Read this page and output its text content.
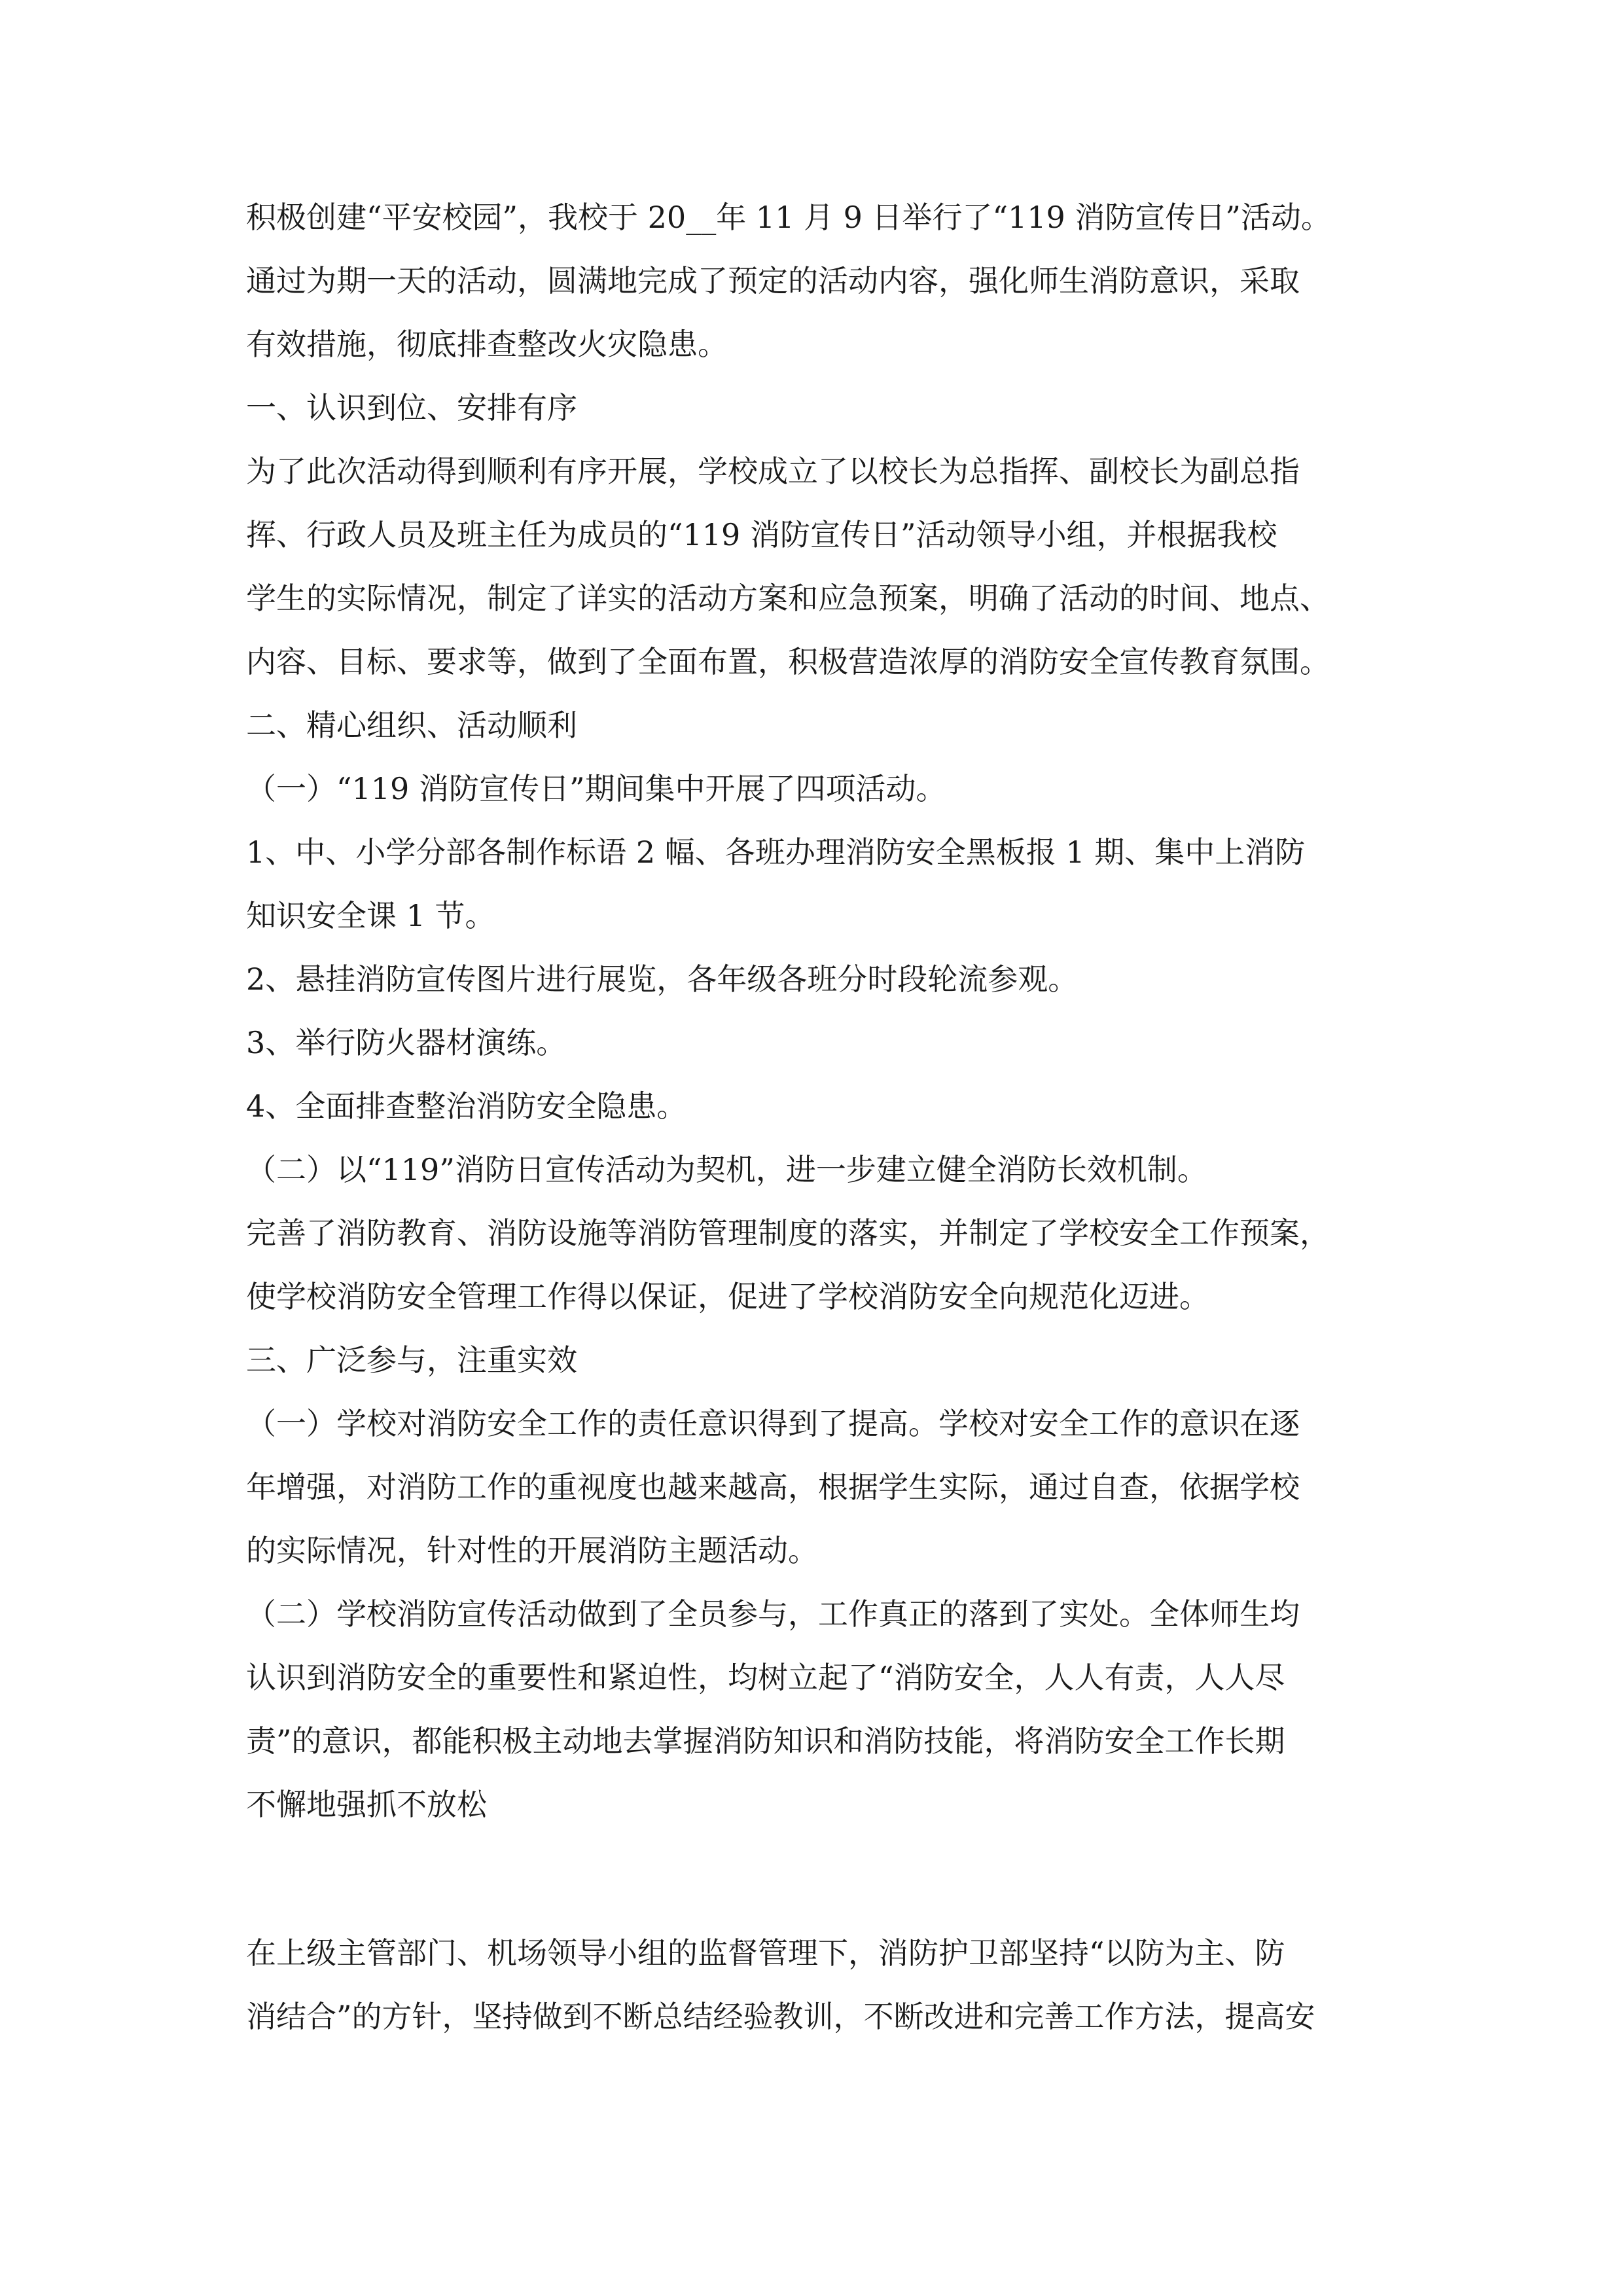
积极创建“平安校园”，我校于 20__年 11 月 9 日举行了“119 消防宣传日”活动。
通过为期一天的活动，圆满地完成了预定的活动内容，强化师生消防意识，采取
有效措施，彻底排查整改火灾隐患。
一、认识到位、安排有序
为了此次活动得到顺利有序开展，学校成立了以校长为总指挥、副校长为副总指
挥、行政人员及班主任为成员的“119 消防宣传日”活动领导小组，并根据我校
学生的实际情况，制定了详实的活动方案和应急预案，明确了活动的时间、地点、
内容、目标、要求等，做到了全面布置，积极营造浓厚的消防安全宣传教育氛围。
二、精心组织、活动顺利
（一）“119 消防宣传日”期间集中开展了四项活动。
1、中、小学分部各制作标语 2 幅、各班办理消防安全黑板报 1 期、集中上消防
知识安全课 1 节。
2、悬挂消防宣传图片进行展览，各年级各班分时段轮流参观。
3、举行防火器材演练。
4、全面排查整治消防安全隐患。
（二）以“119”消防日宣传活动为契机，进一步建立健全消防长效机制。
完善了消防教育、消防设施等消防管理制度的落实，并制定了学校安全工作预案，
使学校消防安全管理工作得以保证，促进了学校消防安全向规范化迈进。
三、广泛参与，注重实效
（一）学校对消防安全工作的责任意识得到了提高。学校对安全工作的意识在逐
年增强，对消防工作的重视度也越来越高，根据学生实际，通过自查，依据学校
的实际情况，针对性的开展消防主题活动。
（二）学校消防宣传活动做到了全员参与，工作真正的落到了实处。全体师生均
认识到消防安全的重要性和紧迫性，均树立起了“消防安全，人人有责，人人尽
责”的意识，都能积极主动地去掌握消防知识和消防技能，将消防安全工作长期
不懈地强抓不放松
在上级主管部门、机场领导小组的监督管理下，消防护卫部坚持“以防为主、防
消结合”的方针，坚持做到不断总结经验教训，不断改进和完善工作方法，提高安
